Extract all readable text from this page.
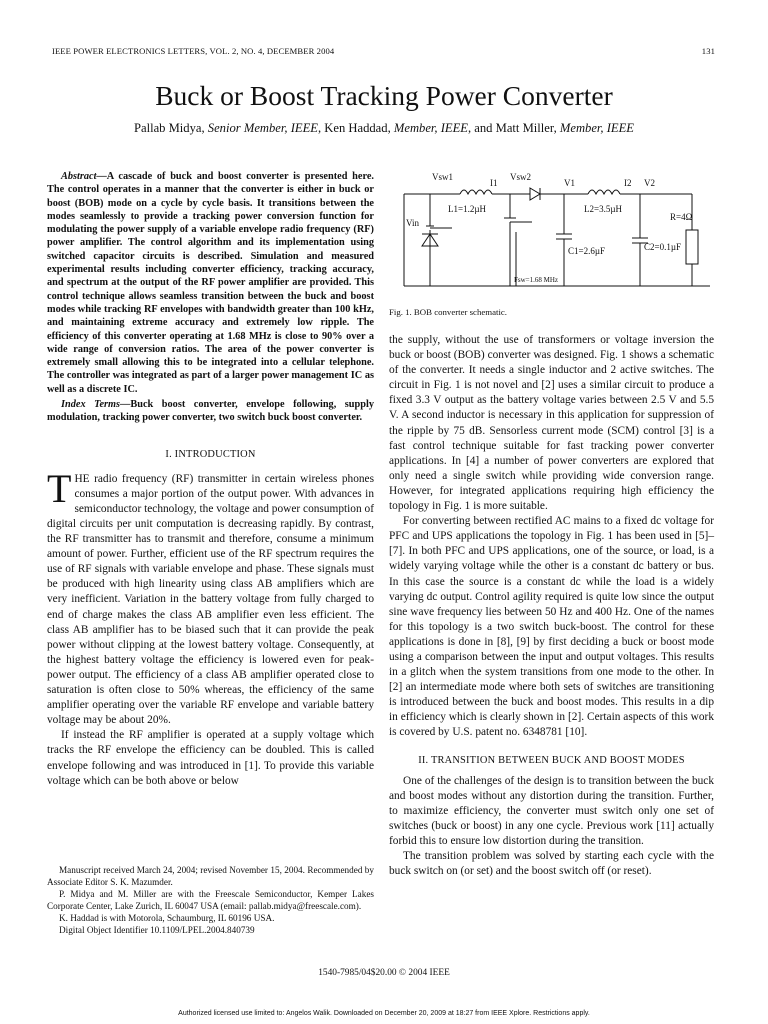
IEEE POWER ELECTRONICS LETTERS, VOL. 2, NO. 4, DECEMBER 2004	131
Buck or Boost Tracking Power Converter
Pallab Midya, Senior Member, IEEE, Ken Haddad, Member, IEEE, and Matt Miller, Member, IEEE
Abstract—A cascade of buck and boost converter is presented here. The control operates in a manner that the converter is either in buck or boost (BOB) mode on a cycle by cycle basis. It transitions between the modes seamlessly to provide a tracking power conversion function for modulating the power supply of a variable envelope radio frequency (RF) power amplifier. The control algorithm and its implementation using switched capacitor circuits is described. Simulation and measured experimental results including converter efficiency, tracking accuracy, and spectrum at the output of the RF power amplifier are provided. This control technique allows seamless transition between the buck and boost modes while tracking RF envelopes with bandwidth greater than 100 kHz, and maintaining extreme accuracy and extremely low ripple. The efficiency of this converter operating at 1.68 MHz is close to 90% over a wide range of conversion ratios. The area of the power converter is extremely small allowing this to be integrated into a cellular telephone. The controller was integrated as part of a larger power management IC as well as a discrete IC.
Index Terms—Buck boost converter, envelope following, supply modulation, tracking power converter, two switch buck boost converter.
I. INTRODUCTION

THE radio frequency (RF) transmitter in certain wireless phones consumes a major portion of the output power. With advances in semiconductor technology, the voltage and power consumption of digital circuits per unit computation is decreasing rapidly. By contrast, the RF transmitter has to transmit and therefore, consume a minimum amount of power. Further, efficient use of the RF spectrum requires the use of RF signals with variable envelope and phase. These signals must be produced with high linearity using class AB amplifiers which are very inefficient. Variation in the battery voltage from fully charged to end of charge makes the class AB amplifier even less efficient. The class AB amplifier has to be biased such that it can provide the peak power without clipping at the lowest battery voltage. Consequently, at the highest battery voltage the efficiency is lowered even for peak-power output. The efficiency of a class AB amplifier operated close to saturation is often close to 50% whereas, the efficiency of the same amplifier operating over the variable RF envelope and variable battery voltage may be about 20%.

If instead the RF amplifier is operated at a supply voltage which tracks the RF envelope the efficiency can be doubled. This is called envelope following and was introduced in [1]. To provide this variable voltage which can be both above or below

Manuscript received March 24, 2004; revised November 15, 2004. Recommended by Associate Editor S. K. Mazumder.
P. Midya and M. Miller are with the Freescale Semiconductor, Kemper Lakes Corporate Center, Lake Zurich, IL 60047 USA (email: pallab.midya@freescale.com).
K. Haddad is with Motorola, Schaumburg, IL 60196 USA.
Digital Object Identifier 10.1109/LPEL.2004.840739
Vsw1
I1
Vsw2
V1	I2 V2
L1=1.2µH	L2=3.5µH
Vin
R=4Ω
C1=2.6µF	C2=0.1µF
Fsw=1.68 MHz
Fig. 1. BOB converter schematic.

the supply, without the use of transformers or voltage inversion the buck or boost (BOB) converter was designed. Fig. 1 shows a schematic of the converter. It needs a single inductor and 2 active switches. The circuit in Fig. 1 is not novel and [2] uses a similar circuit to produce a fixed 3.3 V output as the battery voltage varies between 2.5 V and 5.5 V. A second inductor is necessary in this application for suppression of the ripple by 75 dB. Sensorless current mode (SCM) control [3] is a fast control technique suitable for fast tracking power converter applications. In [4] a number of power converters are explored that only need a single switch while providing wide conversion range. However, for integrated applications requiring high efficiency the topology in Fig. 1 is more suitable.

For converting between rectified AC mains to a fixed dc voltage for PFC and UPS applications the topology in Fig. 1 has been used in [5]–[7]. In both PFC and UPS applications, one of the source, or load, is a widely varying voltage while the other is a constant dc battery or bus. In this case the source is a constant dc while the load is a widely varying dc output. Control agility required is quite low since the output sine wave frequency lies between 50 Hz and 400 Hz. One of the names for this topology is a two switch buck-boost. The control for these applications is done in [8], [9] by first deciding a buck or boost mode using a comparison between the input and output voltages. This results in a glitch when the system transitions from one mode to the other. In [2] an intermediate mode where both sets of switches are transitioning is introduced between the buck and boost modes. This results in a dip in efficiency which is clearly shown in [2]. Certain aspects of this work is covered by U.S. patent no. 6348781 [10].

II. TRANSITION BETWEEN BUCK AND BOOST MODES

One of the challenges of the design is to transition between the buck and boost modes without any distortion during the transition. Further, to maximize efficiency, the converter must switch only one set of switches (buck or boost) in any one cycle. Previous work [11] actually forbid this to ensure low distortion during the transition.

The transition problem was solved by starting each cycle with the buck switch on (or set) and the boost switch off (or reset).

1540-7985/04$20.00 © 2004 IEEE
Authorized licensed use limited to: Angelos Walik. Downloaded on December 20, 2009 at 18:27 from IEEE Xplore. Restrictions apply.
